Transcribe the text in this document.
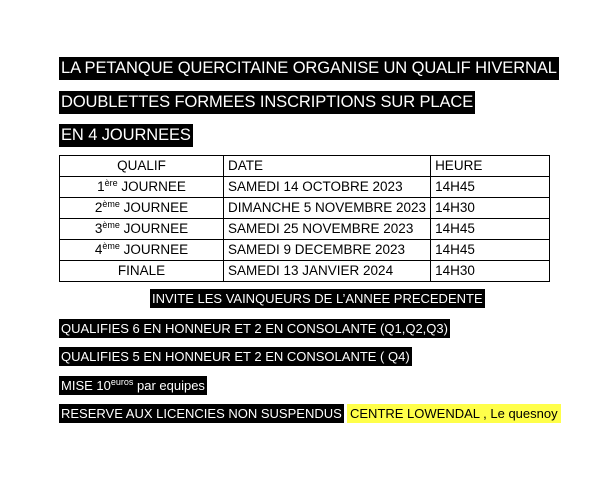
LA PETANQUE QUERCITAINE ORGANISE UN QUALIF HIVERNAL
DOUBLETTES FORMEES INSCRIPTIONS SUR PLACE
EN 4 JOURNEES
QUALIF	DATE	HEURE
1ère JOURNEE	SAMEDI 14 OCTOBRE 2023	14H45
2ème JOURNEE	DIMANCHE 5 NOVEMBRE 2023	14H30
3ème JOURNEE	SAMEDI 25 NOVEMBRE 2023	14H45
4ème JOURNEE	SAMEDI 9 DECEMBRE 2023	14H45
FINALE	SAMEDI 13 JANVIER 2024	14H30
INVITE LES VAINQUEURS DE L’ANNEE PRECEDENTE
QUALIFIES 6 EN HONNEUR ET 2 EN CONSOLANTE (Q1,Q2,Q3)
QUALIFIES 5 EN HONNEUR ET 2 EN CONSOLANTE ( Q4)
MISE $10^{euros}$ par equipes
RESERVE AUX LICENCIES NON SUSPENDUS CENTRE LOWENDAL , Le quesnoy
